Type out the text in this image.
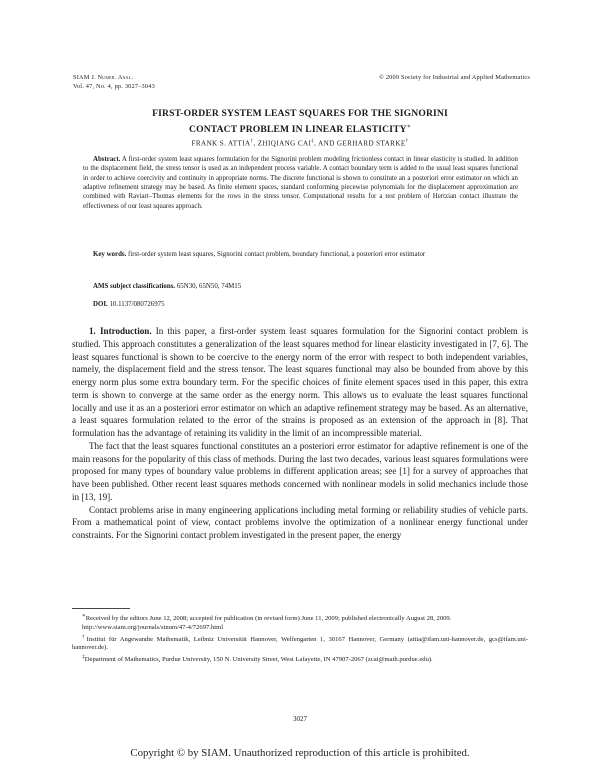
SIAM J. Numer. Anal.
Vol. 47, No. 4, pp. 3027–3043
© 2009 Society for Industrial and Applied Mathematics
FIRST-ORDER SYSTEM LEAST SQUARES FOR THE SIGNORINI
CONTACT PROBLEM IN LINEAR ELASTICITY∗
FRANK S. ATTIA†, ZHIQIANG CAI‡, AND GERHARD STARKE†
Abstract. A first-order system least squares formulation for the Signorini problem modeling frictionless contact in linear elasticity is studied. In addition to the displacement field, the stress tensor is used as an independent process variable. A contact boundary term is added to the usual least squares functional in order to achieve coercivity and continuity in appropriate norms. The discrete functional is shown to constitute an a posteriori error estimator on which an adaptive refinement strategy may be based. As finite element spaces, standard conforming piecewise polynomials for the displacement approximation are combined with Raviart–Thomas elements for the rows in the stress tensor. Computational results for a test problem of Hertzian contact illustrate the effectiveness of our least squares approach.
Key words. first-order system least squares, Signorini contact problem, boundary functional, a posteriori error estimator
AMS subject classifications. 65N30, 65N50, 74M15
DOI. 10.1137/080726975

1. Introduction. In this paper, a first-order system least squares formulation for the Signorini contact problem is studied. This approach constitutes a generalization of the least squares method for linear elasticity investigated in [7, 6]. The least squares functional is shown to be coercive to the energy norm of the error with respect to both independent variables, namely, the displacement field and the stress tensor. The least squares functional may also be bounded from above by this energy norm plus some extra boundary term. For the specific choices of finite element spaces used in this paper, this extra term is shown to converge at the same order as the energy norm. This allows us to evaluate the least squares functional locally and use it as an a posteriori error estimator on which an adaptive refinement strategy may be based. As an alternative, a least squares formulation related to the error of the strains is proposed as an extension of the approach in [8]. That formulation has the advantage of retaining its validity in the limit of an incompressible material.

The fact that the least squares functional constitutes an a posteriori error estimator for adaptive refinement is one of the main reasons for the popularity of this class of methods. During the last two decades, various least squares formulations were proposed for many types of boundary value problems in different application areas; see [1] for a survey of approaches that have been published. Other recent least squares methods concerned with nonlinear models in solid mechanics include those in [13, 19].

Contact problems arise in many engineering applications including metal forming or reliability studies of vehicle parts. From a mathematical point of view, contact problems involve the optimization of a nonlinear energy functional under constraints. For the Signorini contact problem investigated in the present paper, the energy

∗Received by the editors June 12, 2008; accepted for publication (in revised form) June 11, 2009; published electronically August 28, 2009.

http://www.siam.org/journals/sinum/47-4/72697.html

†Institut für Angewandte Mathematik, Leibniz Universität Hannover, Welfengarten 1, 30167 Hannover, Germany (attia@ifam.uni-hannover.de, gcs@ifam.uni-hannover.de).

‡Department of Mathematics, Purdue University, 150 N. University Street, West Lafayette, IN 47907-2067 (zcai@math.purdue.edu).

3027
Copyright © by SIAM. Unauthorized reproduction of this article is prohibited.
